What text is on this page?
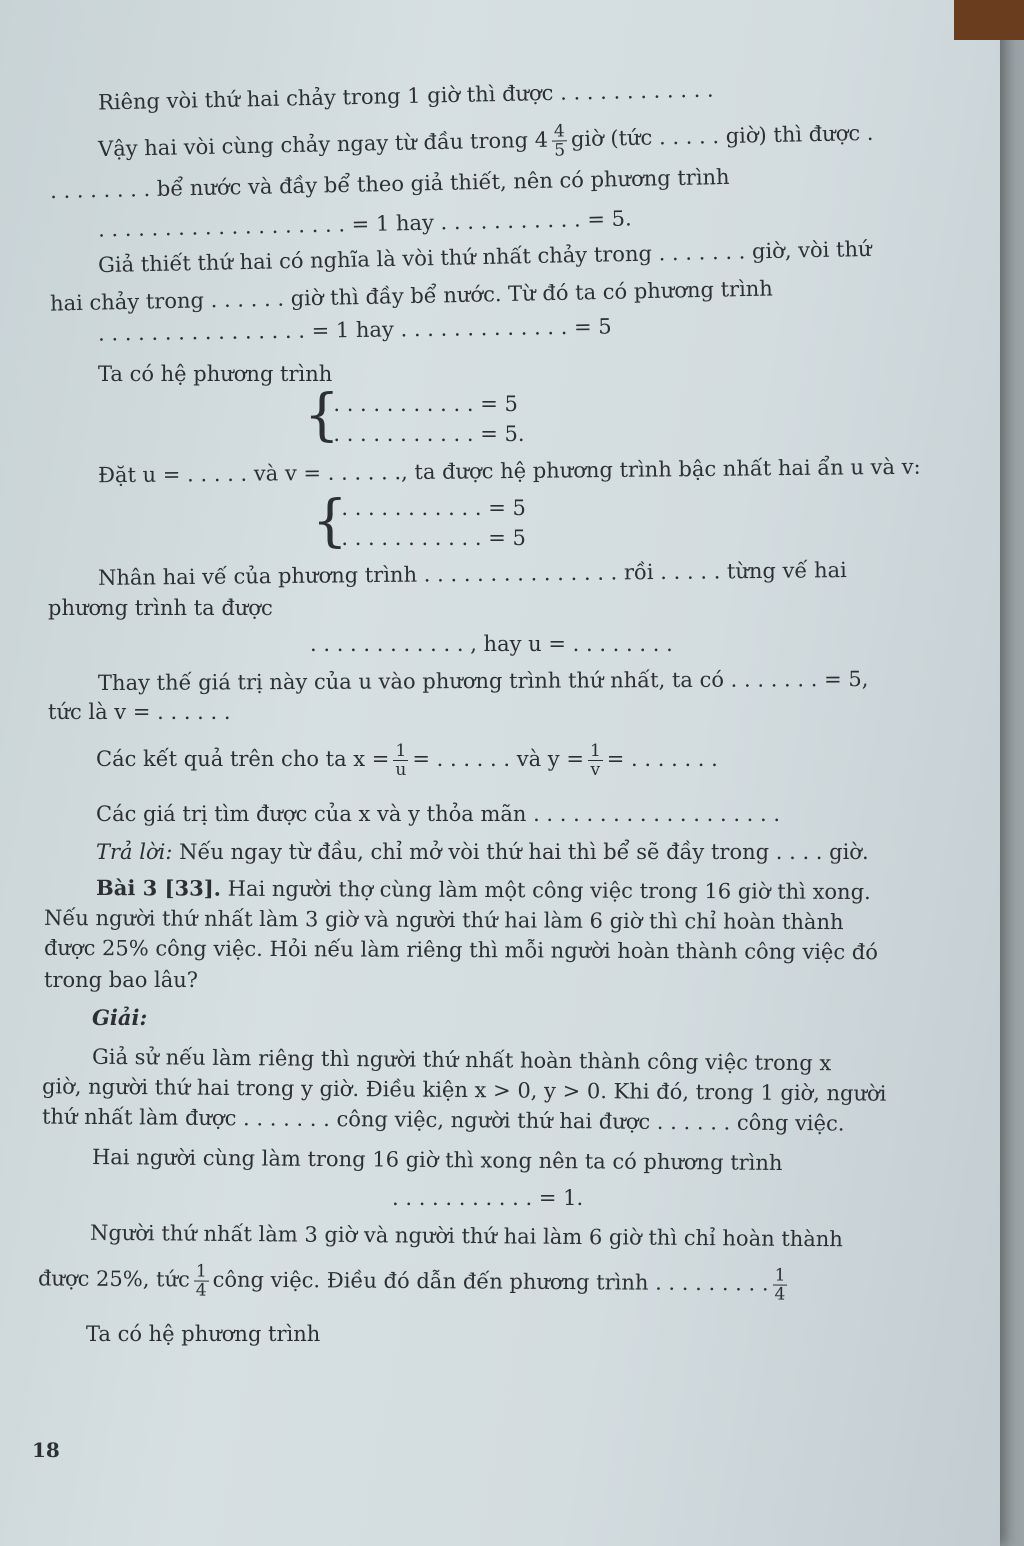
Riêng vòi thứ hai chảy trong 1 giờ thì được . . . . . . . . . . . .
Vậy hai vòi cùng chảy ngay từ đầu trong $4 \frac{4}{5}$ giờ (tức . . . . . giờ) thì được .
. . . . . . . . bể nước và đầy bể theo giả thiết, nên có phương trình
. . . . . . . . . . . . . . . . . . . = 1 hay . . . . . . . . . . . = 5.
Giả thiết thứ hai có nghĩa là vòi thứ nhất chảy trong . . . . . . . giờ, vòi thứ
hai chảy trong . . . . . . giờ thì đầy bể nước. Từ đó ta có phương trình
. . . . . . . . . . . . . . . . = 1 hay . . . . . . . . . . . . . = 5
Ta có hệ phương trình
{
. . . . . . . . . . . . = 5
. . . . . . . . . . . . = 5.
Đặt u = . . . . . và v = . . . . . ., ta được hệ phương trình bậc nhất hai ẩn u và v:
{
. . . . . . . . . . . . = 5
. . . . . . . . . . . . = 5
Nhân hai vế của phương trình . . . . . . . . . . . . . . . rồi . . . . . từng vế hai
phương trình ta được
. . . . . . . . . . . . , hay u = . . . . . . . .
Thay thế giá trị này của u vào phương trình thứ nhất, ta có . . . . . . . = 5,
tức là v = . . . . . .
Các kết quả trên cho ta $x = \frac{1}{u}$ = . . . . . . và $y = \frac{1}{v}$ = . . . . . . .
Các giá trị tìm được của x và y thỏa mãn . . . . . . . . . . . . . . . . . . .
Trả lời: Nếu ngay từ đầu, chỉ mở vòi thứ hai thì bể sẽ đầy trong . . . . giờ.
Bài 3 [33]. Hai người thợ cùng làm một công việc trong 16 giờ thì xong.
Nếu người thứ nhất làm 3 giờ và người thứ hai làm 6 giờ thì chỉ hoàn thành
được 25% công việc. Hỏi nếu làm riêng thì mỗi người hoàn thành công việc đó
trong bao lâu?
Giải:
Giả sử nếu làm riêng thì người thứ nhất hoàn thành công việc trong x
giờ, người thứ hai trong y giờ. Điều kiện x > 0, y > 0. Khi đó, trong 1 giờ, người
thứ nhất làm được . . . . . . . công việc, người thứ hai được . . . . . . công việc.
Hai người cùng làm trong 16 giờ thì xong nên ta có phương trình
. . . . . . . . . . . = 1.
Người thứ nhất làm 3 giờ và người thứ hai làm 6 giờ thì chỉ hoàn thành
được 25%, tức $\frac{1}{4}$ công việc. Điều đó dẫn đến phương trình . . . . . . . . . $\frac{1}{4}$
Ta có hệ phương trình
18
